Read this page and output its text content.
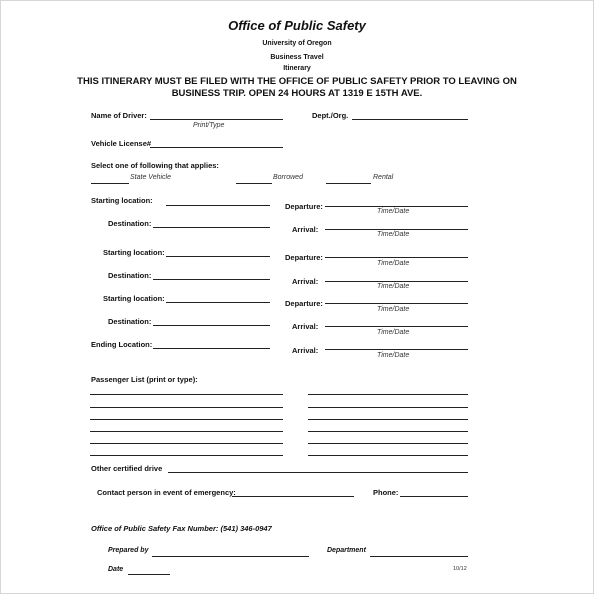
Office of Public Safety
University of Oregon
Business Travel
Itinerary
THIS ITINERARY MUST BE FILED WITH THE OFFICE OF PUBLIC SAFETY PRIOR TO LEAVING ON
BUSINESS TRIP. OPEN 24 HOURS AT 1319 E 15TH AVE.
Name of Driver:
Print/Type
Dept./Org.
Vehicle License#
Select one of following that applies:
State Vehicle	Borrowed	Rental
Starting location:
Departure:
Time/Date
Destination:
Arrival:
Time/Date
Starting location:
Departure:
Time/Date
Destination:
Arrival:
Time/Date
Starting location:
Departure:
Time/Date
Destination:
Arrival:
Time/Date
Ending Location:
Arrival:
Time/Date
Passenger List (print or type):
Other certified drive
Contact person in event of emergency:	Phone:
Office of Public Safety Fax Number: (541) 346-0947
Prepared by	Department
Date	10/12
